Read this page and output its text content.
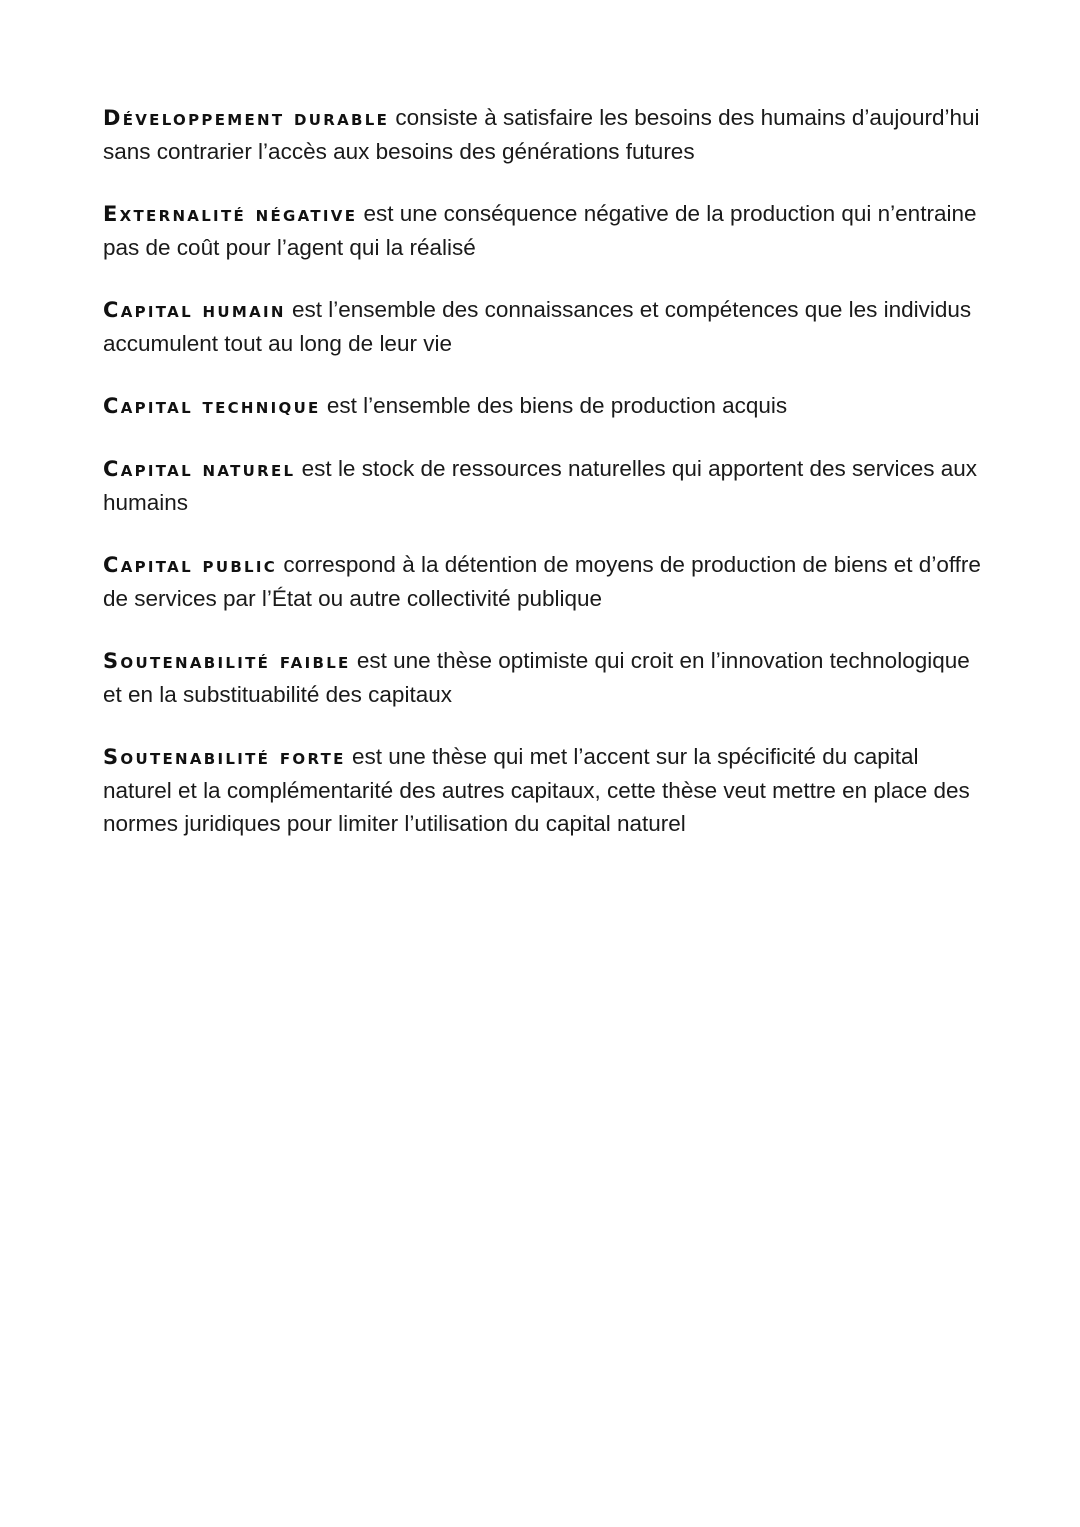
Développement durable consiste à satisfaire les besoins des humains d’aujourd’hui sans contrarier l’accès aux besoins des générations futures
Externalité négative est une conséquence négative de la production qui n’entraine pas de coût pour l’agent qui la réalisé
Capital humain est l’ensemble des connaissances et compétences que les individus accumulent tout au long de leur vie
Capital technique est l’ensemble des biens de production acquis
Capital naturel est le stock de ressources naturelles qui apportent des services aux humains
Capital public correspond à la détention de moyens de production de biens et d’offre de services par l’État ou autre collectivité publique
Soutenabilité faible est une thèse optimiste qui croit en l’innovation technologique et en la substituabilité des capitaux
Soutenabilité forte est une thèse qui met l’accent sur la spécificité du capital naturel et la complémentarité des autres capitaux, cette thèse veut mettre en place des normes juridiques pour limiter l’utilisation du capital naturel
